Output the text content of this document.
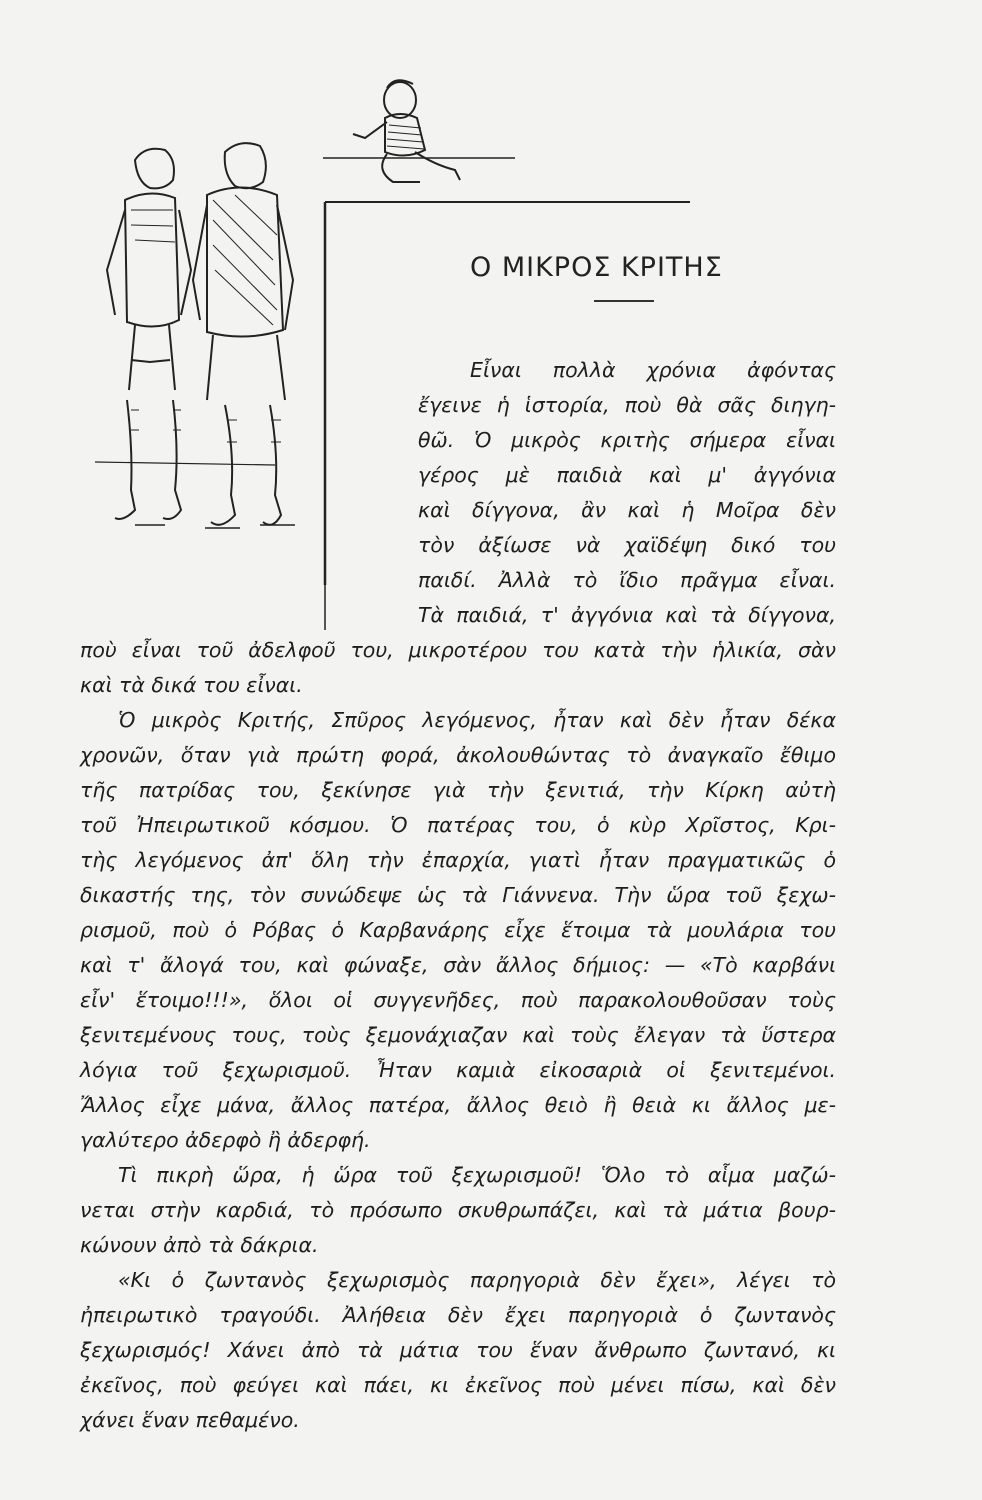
Ο ΜΙΚΡΟΣ ΚΡΙΤΗΣ
Εἶναι πολλὰ χρόνια ἀφόντας
ἔγεινε ἡ ἱστορία, ποὺ θὰ σᾶς διηγη-
θῶ. Ὁ μικρὸς κριτὴς σήμερα εἶναι
γέρος μὲ παιδιὰ καὶ μ' ἀγγόνια
καὶ δίγγονα, ἂν καὶ ἡ Μοῖρα δὲν
τὸν ἀξίωσε νὰ χαϊδέψη δικό του
παιδί. Ἀλλὰ τὸ ἴδιο πρᾶγμα εἶναι.
Τὰ παιδιά, τ' ἀγγόνια καὶ τὰ δίγγονα,
ποὺ εἶναι τοῦ ἀδελφοῦ του, μικροτέρου του κατὰ τὴν ἡλικία, σὰν
καὶ τὰ δικά του εἶναι.
Ὁ μικρὸς Κριτής, Σπῦρος λεγόμενος, ἦταν καὶ δὲν ἦταν δέκα
χρονῶν, ὅταν γιὰ πρώτη φορά, ἀκολουθώντας τὸ ἀναγκαῖο ἔθιμο
τῆς πατρίδας του, ξεκίνησε γιὰ τὴν ξενιτιά, τὴν Κίρκη αὐτὴ
τοῦ Ἠπειρωτικοῦ κόσμου. Ὁ πατέρας του, ὁ κὺρ Χρῖστος, Κρι-
τὴς λεγόμενος ἀπ' ὅλη τὴν ἐπαρχία, γιατὶ ἦταν πραγματικῶς ὁ
δικαστής της, τὸν συνώδεψε ὡς τὰ Γιάννενα. Τὴν ὥρα τοῦ ξεχω-
ρισμοῦ, ποὺ ὁ Ρόβας ὁ Καρβανάρης εἶχε ἕτοιμα τὰ μουλάρια του
καὶ τ' ἄλογά του, καὶ φώναξε, σὰν ἄλλος δήμιος: — «Τὸ καρβάνι
εἶν' ἕτοιμο!!!», ὅλοι οἱ συγγενῆδες, ποὺ παρακολουθοῦσαν τοὺς
ξενιτεμένους τους, τοὺς ξεμονάχιαζαν καὶ τοὺς ἔλεγαν τὰ ὕστερα
λόγια τοῦ ξεχωρισμοῦ. Ἦταν καμιὰ εἰκοσαριὰ οἱ ξενιτεμένοι.
Ἄλλος εἶχε μάνα, ἄλλος πατέρα, ἄλλος θειὸ ἢ θειὰ κι ἄλλος με-
γαλύτερο ἀδερφὸ ἢ ἀδερφή.
Τὶ πικρὴ ὥρα, ἡ ὥρα τοῦ ξεχωρισμοῦ! Ὅλο τὸ αἷμα μαζώ-
νεται στὴν καρδιά, τὸ πρόσωπο σκυθρωπάζει, καὶ τὰ μάτια βουρ-
κώνουν ἀπὸ τὰ δάκρια.
«Κι ὁ ζωντανὸς ξεχωρισμὸς παρηγοριὰ δὲν ἔχει», λέγει τὸ
ἠπειρωτικὸ τραγούδι. Ἀλήθεια δὲν ἔχει παρηγοριὰ ὁ ζωντανὸς
ξεχωρισμός! Χάνει ἀπὸ τὰ μάτια του ἕναν ἄνθρωπο ζωντανό, κι
ἐκεῖνος, ποὺ φεύγει καὶ πάει, κι ἐκεῖνος ποὺ μένει πίσω, καὶ δὲν
χάνει ἕναν πεθαμένο.
